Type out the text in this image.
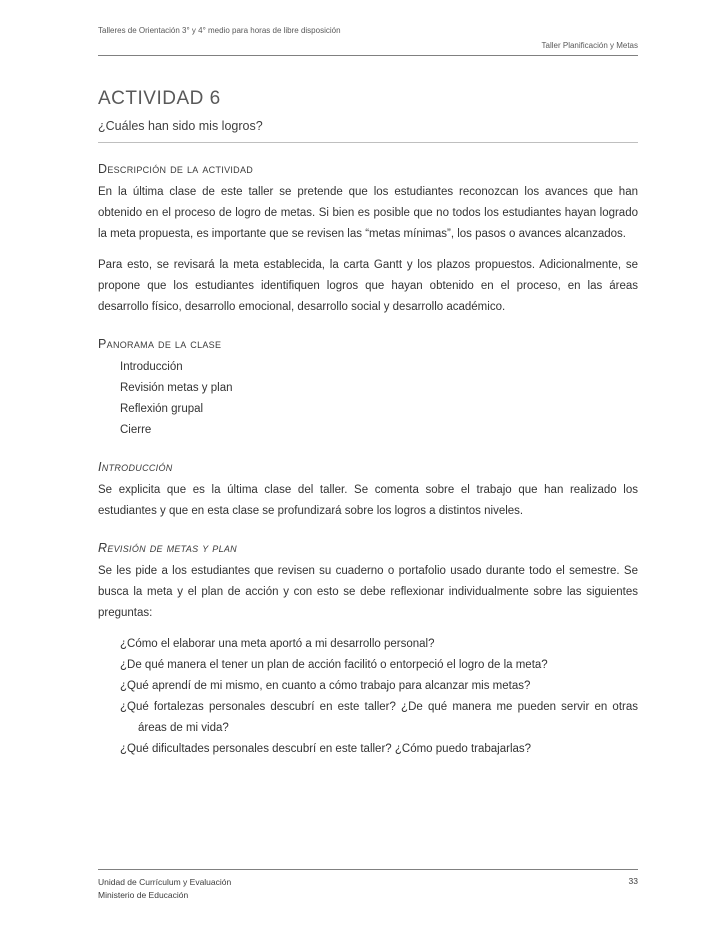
Talleres de Orientación 3° y 4° medio para horas de libre disposición
Taller Planificación y Metas
ACTIVIDAD 6
¿Cuáles han sido mis logros?
Descripción de la actividad

En la última clase de este taller se pretende que los estudiantes reconozcan los avances que han obtenido en el proceso de logro de metas. Si bien es posible que no todos los estudiantes hayan logrado la meta propuesta, es importante que se revisen las “metas mínimas”, los pasos o avances alcanzados.

Para esto, se revisará la meta establecida, la carta Gantt y los plazos propuestos. Adicionalmente, se propone que los estudiantes identifiquen logros que hayan obtenido en el proceso, en las áreas desarrollo físico, desarrollo emocional, desarrollo social y desarrollo académico.

Panorama de la clase
Introducción
Revisión metas y plan
Reflexión grupal
Cierre
Introducción

Se explicita que es la última clase del taller. Se comenta sobre el trabajo que han realizado los estudiantes y que en esta clase se profundizará sobre los logros a distintos niveles.

Revisión de metas y plan

Se les pide a los estudiantes que revisen su cuaderno o portafolio usado durante todo el semestre. Se busca la meta y el plan de acción y con esto se debe reflexionar individualmente sobre las siguientes preguntas:

¿Cómo el elaborar una meta aportó a mi desarrollo personal?
¿De qué manera el tener un plan de acción facilitó o entorpeció el logro de la meta?
¿Qué aprendí de mi mismo, en cuanto a cómo trabajo para alcanzar mis metas?
¿Qué fortalezas personales descubrí en este taller? ¿De qué manera me pueden servir en otras áreas de mi vida?
¿Qué dificultades personales descubrí en este taller? ¿Cómo puedo trabajarlas?
Unidad de Currículum y Evaluación
Ministerio de Educación
33
